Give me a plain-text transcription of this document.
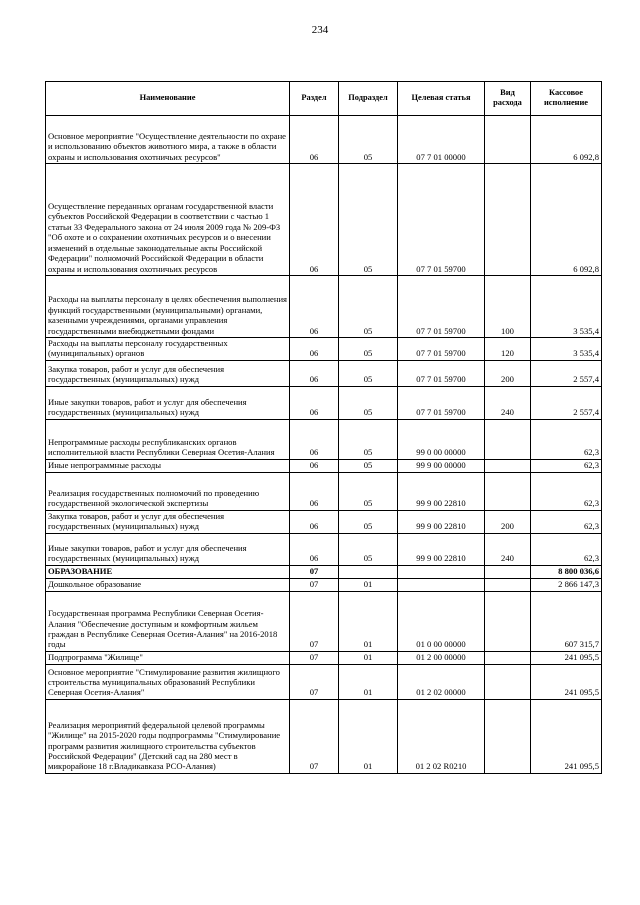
234
Наименование	Раздел	Подраздел	Целевая статья	Вид расхода	Кассовое исполнение
Основное мероприятие "Осуществление деятельности по охране и использованию объектов животного мира, а также в области охраны и использования охотничьих ресурсов"	06	05	07 7 01 00000		6 092,8
Осуществление переданных органам государственной власти субъектов Российской Федерации в соответствии с частью 1 статьи 33 Федерального закона от 24 июля 2009 года № 209-ФЗ "Об охоте и о сохранении охотничьих ресурсов и о внесении изменений в отдельные законодательные акты Российской Федерации" полномочий Российской Федерации в области охраны и использования охотничьих ресурсов	06	05	07 7 01 59700		6 092,8
Расходы на выплаты персоналу в целях обеспечения выполнения функций государственными (муниципальными) органами, казенными учреждениями, органами управления государственными внебюджетными фондами	06	05	07 7 01 59700	100	3 535,4
Расходы на выплаты персоналу государственных (муниципальных) органов	06	05	07 7 01 59700	120	3 535,4
Закупка товаров, работ и услуг для обеспечения государственных (муниципальных) нужд	06	05	07 7 01 59700	200	2 557,4
Иные закупки товаров, работ и услуг для обеспечения государственных (муниципальных) нужд	06	05	07 7 01 59700	240	2 557,4
Непрограммные расходы республиканских органов исполнительной власти Республики Северная Осетия-Алания	06	05	99 0 00 00000		62,3
Иные непрограммные расходы	06	05	99 9 00 00000		62,3
Реализация государственных полномочий по проведению государственной экологической экспертизы	06	05	99 9 00 22810		62,3
Закупка товаров, работ и услуг для обеспечения государственных (муниципальных) нужд	06	05	99 9 00 22810	200	62,3
Иные закупки товаров, работ и услуг для обеспечения государственных (муниципальных) нужд	06	05	99 9 00 22810	240	62,3
ОБРАЗОВАНИЕ	07				8 800 036,6
Дошкольное образование	07	01			2 866 147,3
Государственная программа Республики Северная Осетия-Алания "Обеспечение доступным и комфортным жильем граждан в Республике Северная Осетия-Алания" на 2016-2018 годы	07	01	01 0 00 00000		607 315,7
Подпрограмма "Жилище"	07	01	01 2 00 00000		241 095,5
Основное мероприятие "Стимулирование развития жилищного строительства муниципальных образований Республики Северная Осетия-Алания"	07	01	01 2 02 00000		241 095,5
Реализация мероприятий федеральной целевой программы "Жилище" на 2015-2020 годы подпрограммы "Стимулирование программ развития жилищного строительства субъектов Российской Федерации" (Детский сад на 280 мест в микрорайоне 18 г.Владикавказа РСО-Алания)	07	01	01 2 02 R0210		241 095,5
